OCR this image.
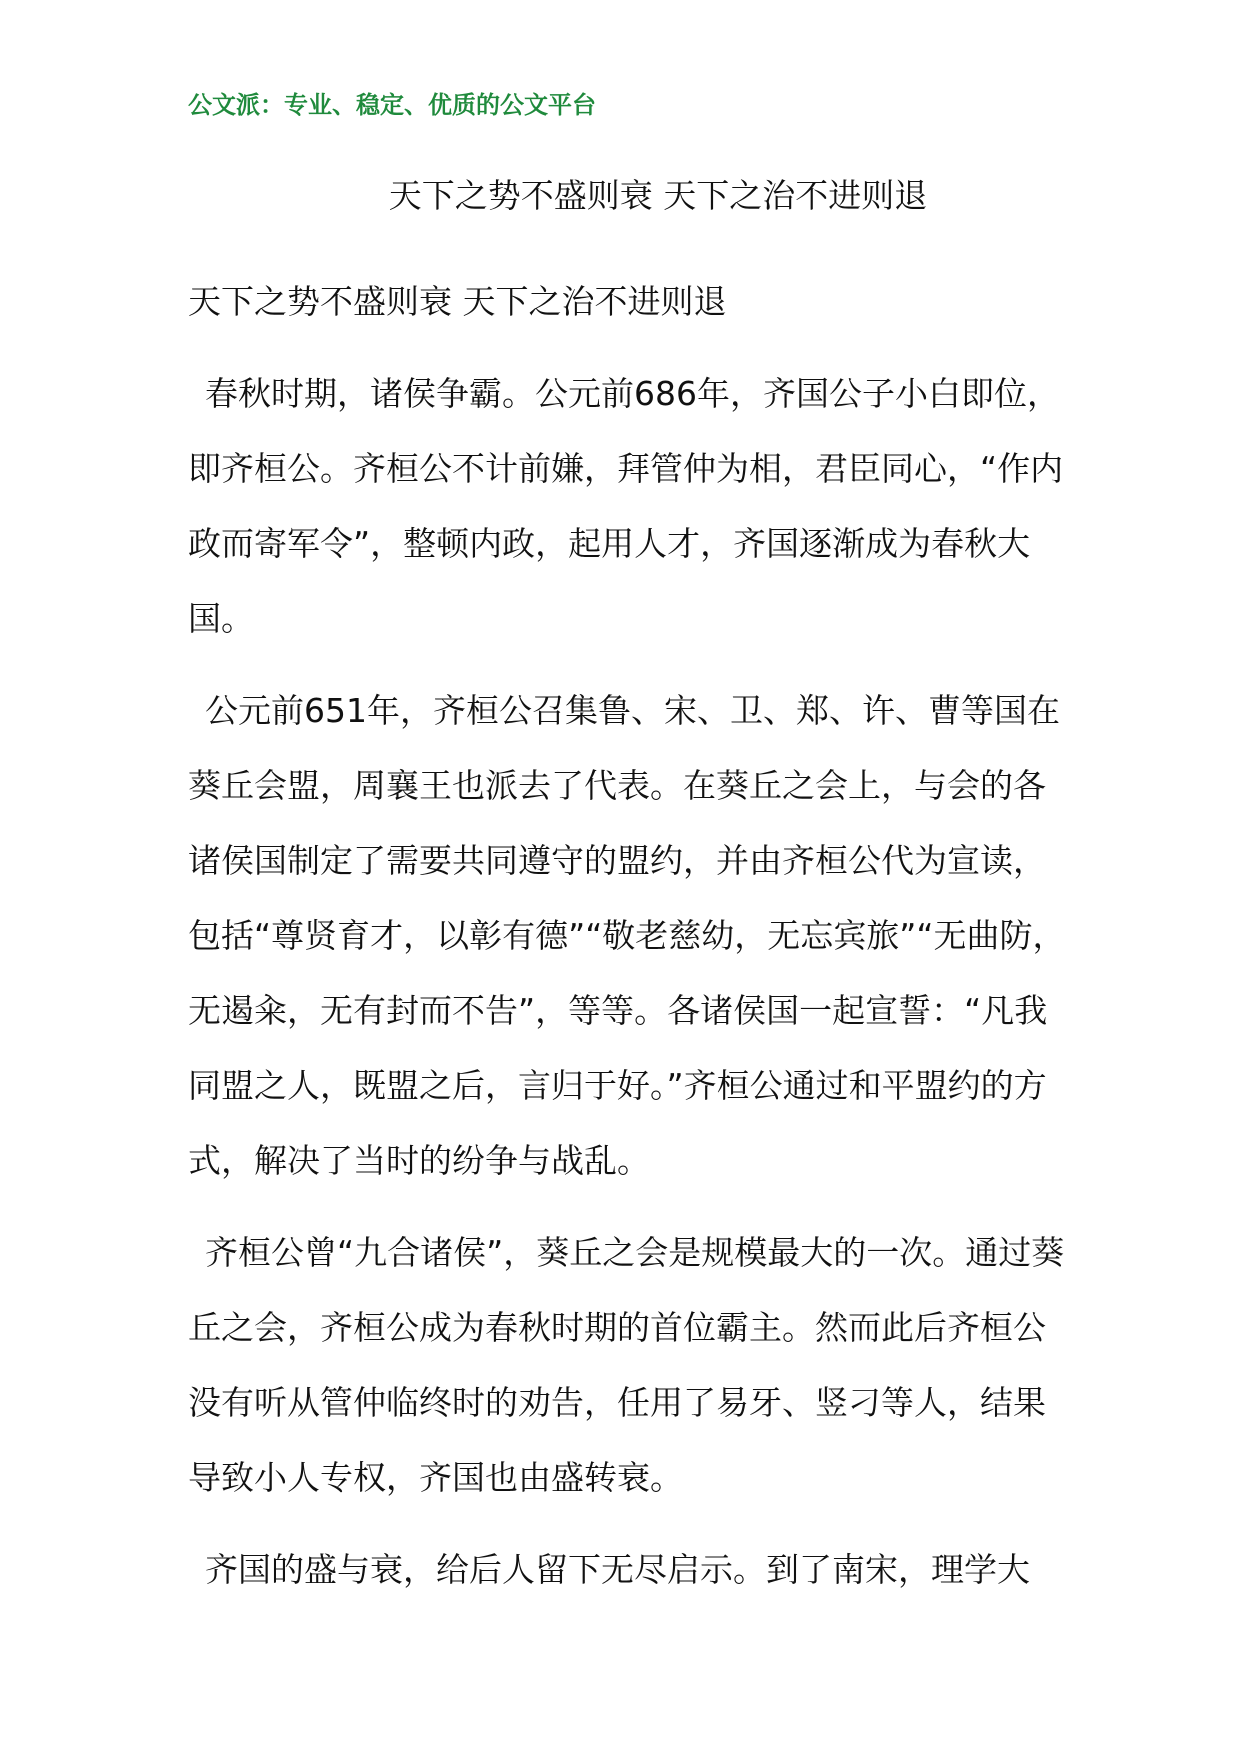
公文派：专业、稳定、优质的公文平台
天下之势不盛则衰 天下之治不进则退

天下之势不盛则衰 天下之治不进则退

春秋时期，诸侯争霸。公元前686年，齐国公子小白即位，即齐桓公。齐桓公不计前嫌，拜管仲为相，君臣同心，“作内政而寄军令”，整顿内政，起用人才，齐国逐渐成为春秋大国。

公元前651年，齐桓公召集鲁、宋、卫、郑、许、曹等国在葵丘会盟，周襄王也派去了代表。在葵丘之会上，与会的各诸侯国制定了需要共同遵守的盟约，并由齐桓公代为宣读，包括“尊贤育才，以彰有德”“敬老慈幼，无忘宾旅”“无曲防，无遏籴，无有封而不告”，等等。各诸侯国一起宣誓：“凡我同盟之人，既盟之后，言归于好。”齐桓公通过和平盟约的方式，解决了当时的纷争与战乱。

齐桓公曾“九合诸侯”，葵丘之会是规模最大的一次。通过葵丘之会，齐桓公成为春秋时期的首位霸主。然而此后齐桓公没有听从管仲临终时的劝告，任用了易牙、竖刁等人，结果导致小人专权，齐国也由盛转衰。

齐国的盛与衰，给后人留下无尽启示。到了南宋，理学大
